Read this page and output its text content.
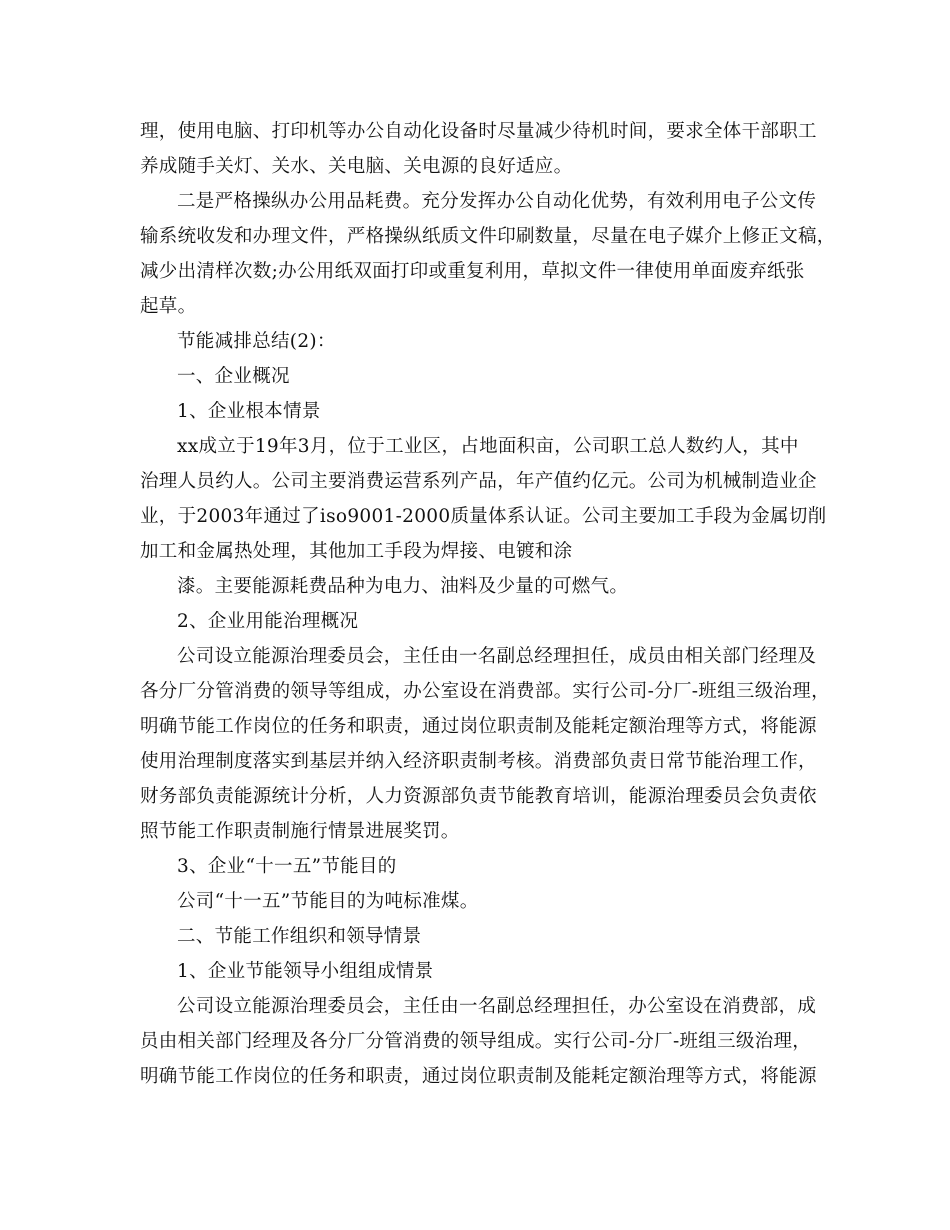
理，使用电脑、打印机等办公自动化设备时尽量减少待机时间，要求全体干部职工
养成随手关灯、关水、关电脑、关电源的良好适应。
二是严格操纵办公用品耗费。充分发挥办公自动化优势，有效利用电子公文传
输系统收发和办理文件，严格操纵纸质文件印刷数量，尽量在电子媒介上修正文稿，
减少出清样次数;办公用纸双面打印或重复利用，草拟文件一律使用单面废弃纸张
起草。
节能减排总结(2)：
一、企业概况
1、企业根本情景
xx成立于19年3月，位于工业区，占地面积亩，公司职工总人数约人，其中
治理人员约人。公司主要消费运营系列产品，年产值约亿元。公司为机械制造业企
业，于2003年通过了iso9001-2000质量体系认证。公司主要加工手段为金属切削
加工和金属热处理，其他加工手段为焊接、电镀和涂
漆。主要能源耗费品种为电力、油料及少量的可燃气。
2、企业用能治理概况
公司设立能源治理委员会，主任由一名副总经理担任，成员由相关部门经理及
各分厂分管消费的领导等组成，办公室设在消费部。实行公司-分厂-班组三级治理，
明确节能工作岗位的任务和职责，通过岗位职责制及能耗定额治理等方式，将能源
使用治理制度落实到基层并纳入经济职责制考核。消费部负责日常节能治理工作，
财务部负责能源统计分析，人力资源部负责节能教育培训，能源治理委员会负责依
照节能工作职责制施行情景进展奖罚。
3、企业“十一五”节能目的
公司“十一五”节能目的为吨标准煤。
二、节能工作组织和领导情景
1、企业节能领导小组组成情景
公司设立能源治理委员会，主任由一名副总经理担任，办公室设在消费部，成
员由相关部门经理及各分厂分管消费的领导组成。实行公司-分厂-班组三级治理，
明确节能工作岗位的任务和职责，通过岗位职责制及能耗定额治理等方式，将能源
